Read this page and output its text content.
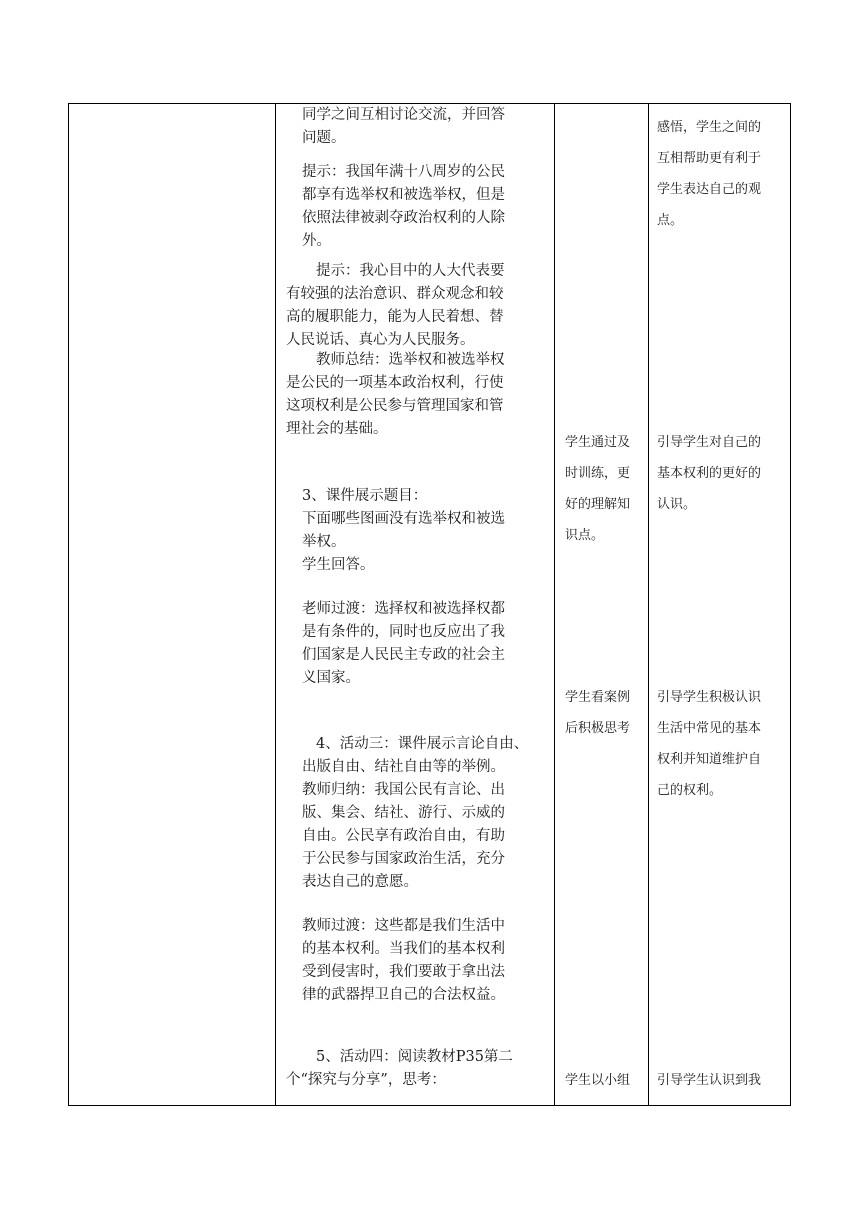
同学之间互相讨论交流，并回答
问题。
提示：我国年满十八周岁的公民
都享有选举权和被选举权，但是
依照法律被剥夺政治权利的人除
外。
提示：我心目中的人大代表要
有较强的法治意识、群众观念和较
高的履职能力，能为人民着想、替
人民说话、真心为人民服务。
教师总结：选举权和被选举权
是公民的一项基本政治权利，行使
这项权利是公民参与管理国家和管
理社会的基础。
3、课件展示题目：
下面哪些图画没有选举权和被选
举权。
学生回答。
老师过渡：选择权和被选择权都
是有条件的，同时也反应出了我
们国家是人民民主专政的社会主
义国家。
4、活动三：课件展示言论自由、
出版自由、结社自由等的举例。
教师归纳：我国公民有言论、出
版、集会、结社、游行、示威的
自由。公民享有政治自由，有助
于公民参与国家政治生活，充分
表达自己的意愿。
教师过渡：这些都是我们生活中
的基本权利。当我们的基本权利
受到侵害时，我们要敢于拿出法
律的武器捍卫自己的合法权益。
5、活动四：阅读教材P35第二
个“探究与分享”，思考：
学生通过及
时训练，更
好的理解知
识点。
学生看案例
后积极思考
学生以小组
感悟，学生之间的
互相帮助更有利于
学生表达自己的观
点。
引导学生对自己的
基本权利的更好的
认识。
引导学生积极认识
生活中常见的基本
权利并知道维护自
己的权利。
引导学生认识到我
